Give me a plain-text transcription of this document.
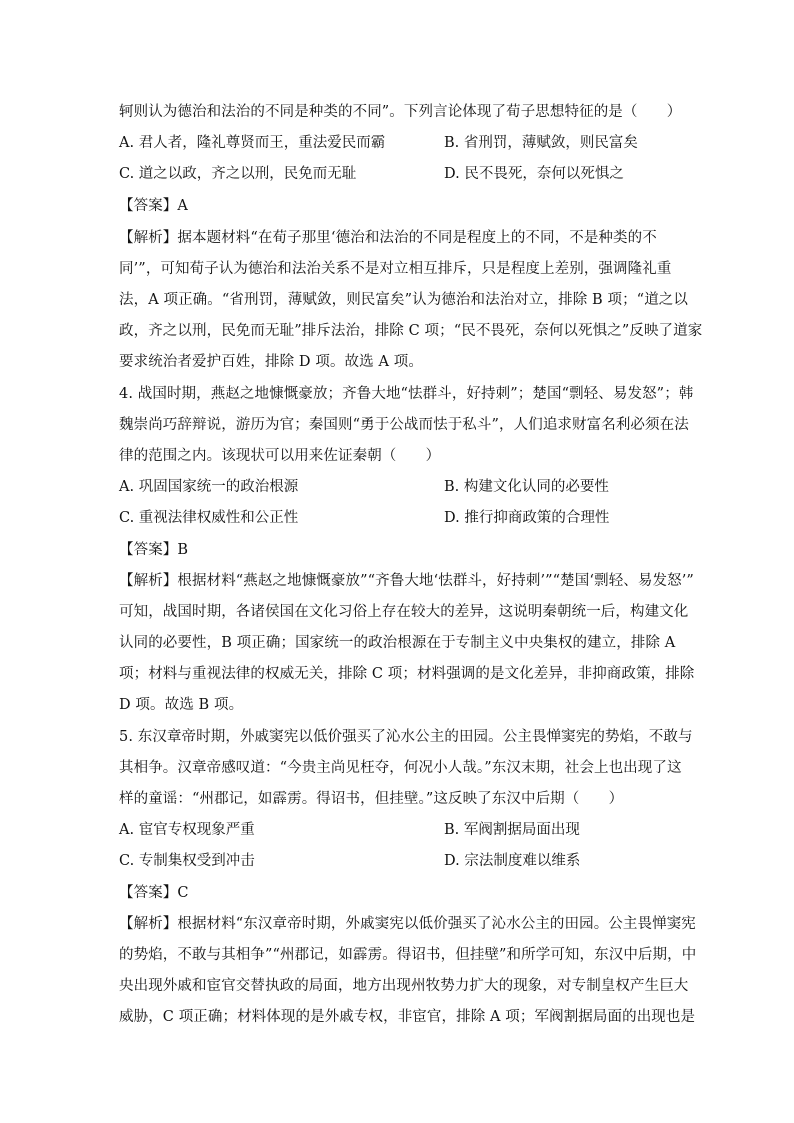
轲则认为德治和法治的不同是种类的不同”。下列言论体现了荀子思想特征的是（　　）
A. 君人者，隆礼尊贤而王，重法爱民而霸	B. 省刑罚，薄赋敛，则民富矣
C. 道之以政，齐之以刑，民免而无耻	D. 民不畏死，奈何以死惧之
【答案】A
【解析】据本题材料“在荀子那里‘德治和法治的不同是程度上的不同，不是种类的不
同’”，可知荀子认为德治和法治关系不是对立相互排斥，只是程度上差别，强调隆礼重
法，A 项正确。“省刑罚，薄赋敛，则民富矣”认为德治和法治对立，排除 B 项；“道之以
政，齐之以刑，民免而无耻”排斥法治，排除 C 项；“民不畏死，奈何以死惧之”反映了道家
要求统治者爱护百姓，排除 D 项。故选 A 项。
4. 战国时期，燕赵之地慷慨豪放；齐鲁大地“怯群斗，好持刺”；楚国“剽轻、易发怒”；韩
魏崇尚巧辞辩说，游历为官；秦国则“勇于公战而怯于私斗”，人们追求财富名利必须在法
律的范围之内。该现状可以用来佐证秦朝（　　）
A. 巩固国家统一的政治根源	B. 构建文化认同的必要性
C. 重视法律权威性和公正性	D. 推行抑商政策的合理性
【答案】B
【解析】根据材料“燕赵之地慷慨豪放”“齐鲁大地‘怯群斗，好持刺’”“楚国‘剽轻、易发怒’”
可知，战国时期，各诸侯国在文化习俗上存在较大的差异，这说明秦朝统一后，构建文化
认同的必要性，B 项正确；国家统一的政治根源在于专制主义中央集权的建立，排除 A
项；材料与重视法律的权威无关，排除 C 项；材料强调的是文化差异，非抑商政策，排除
D 项。故选 B 项。
5. 东汉章帝时期，外戚窦宪以低价强买了沁水公主的田园。公主畏惮窦宪的势焰，不敢与
其相争。汉章帝感叹道：“今贵主尚见枉夺，何况小人哉。”东汉末期，社会上也出现了这
样的童谣：“州郡记，如霹雳。得诏书，但挂壁。”这反映了东汉中后期（　　）
A. 宦官专权现象严重	B. 军阀割据局面出现
C. 专制集权受到冲击	D. 宗法制度难以维系
【答案】C
【解析】根据材料“东汉章帝时期，外戚窦宪以低价强买了沁水公主的田园。公主畏惮窦宪
的势焰，不敢与其相争”“州郡记，如霹雳。得诏书，但挂壁”和所学可知，东汉中后期，中
央出现外戚和宦官交替执政的局面，地方出现州牧势力扩大的现象，对专制皇权产生巨大
威胁，C 项正确；材料体现的是外戚专权，非宦官，排除 A 项；军阀割据局面的出现也是
